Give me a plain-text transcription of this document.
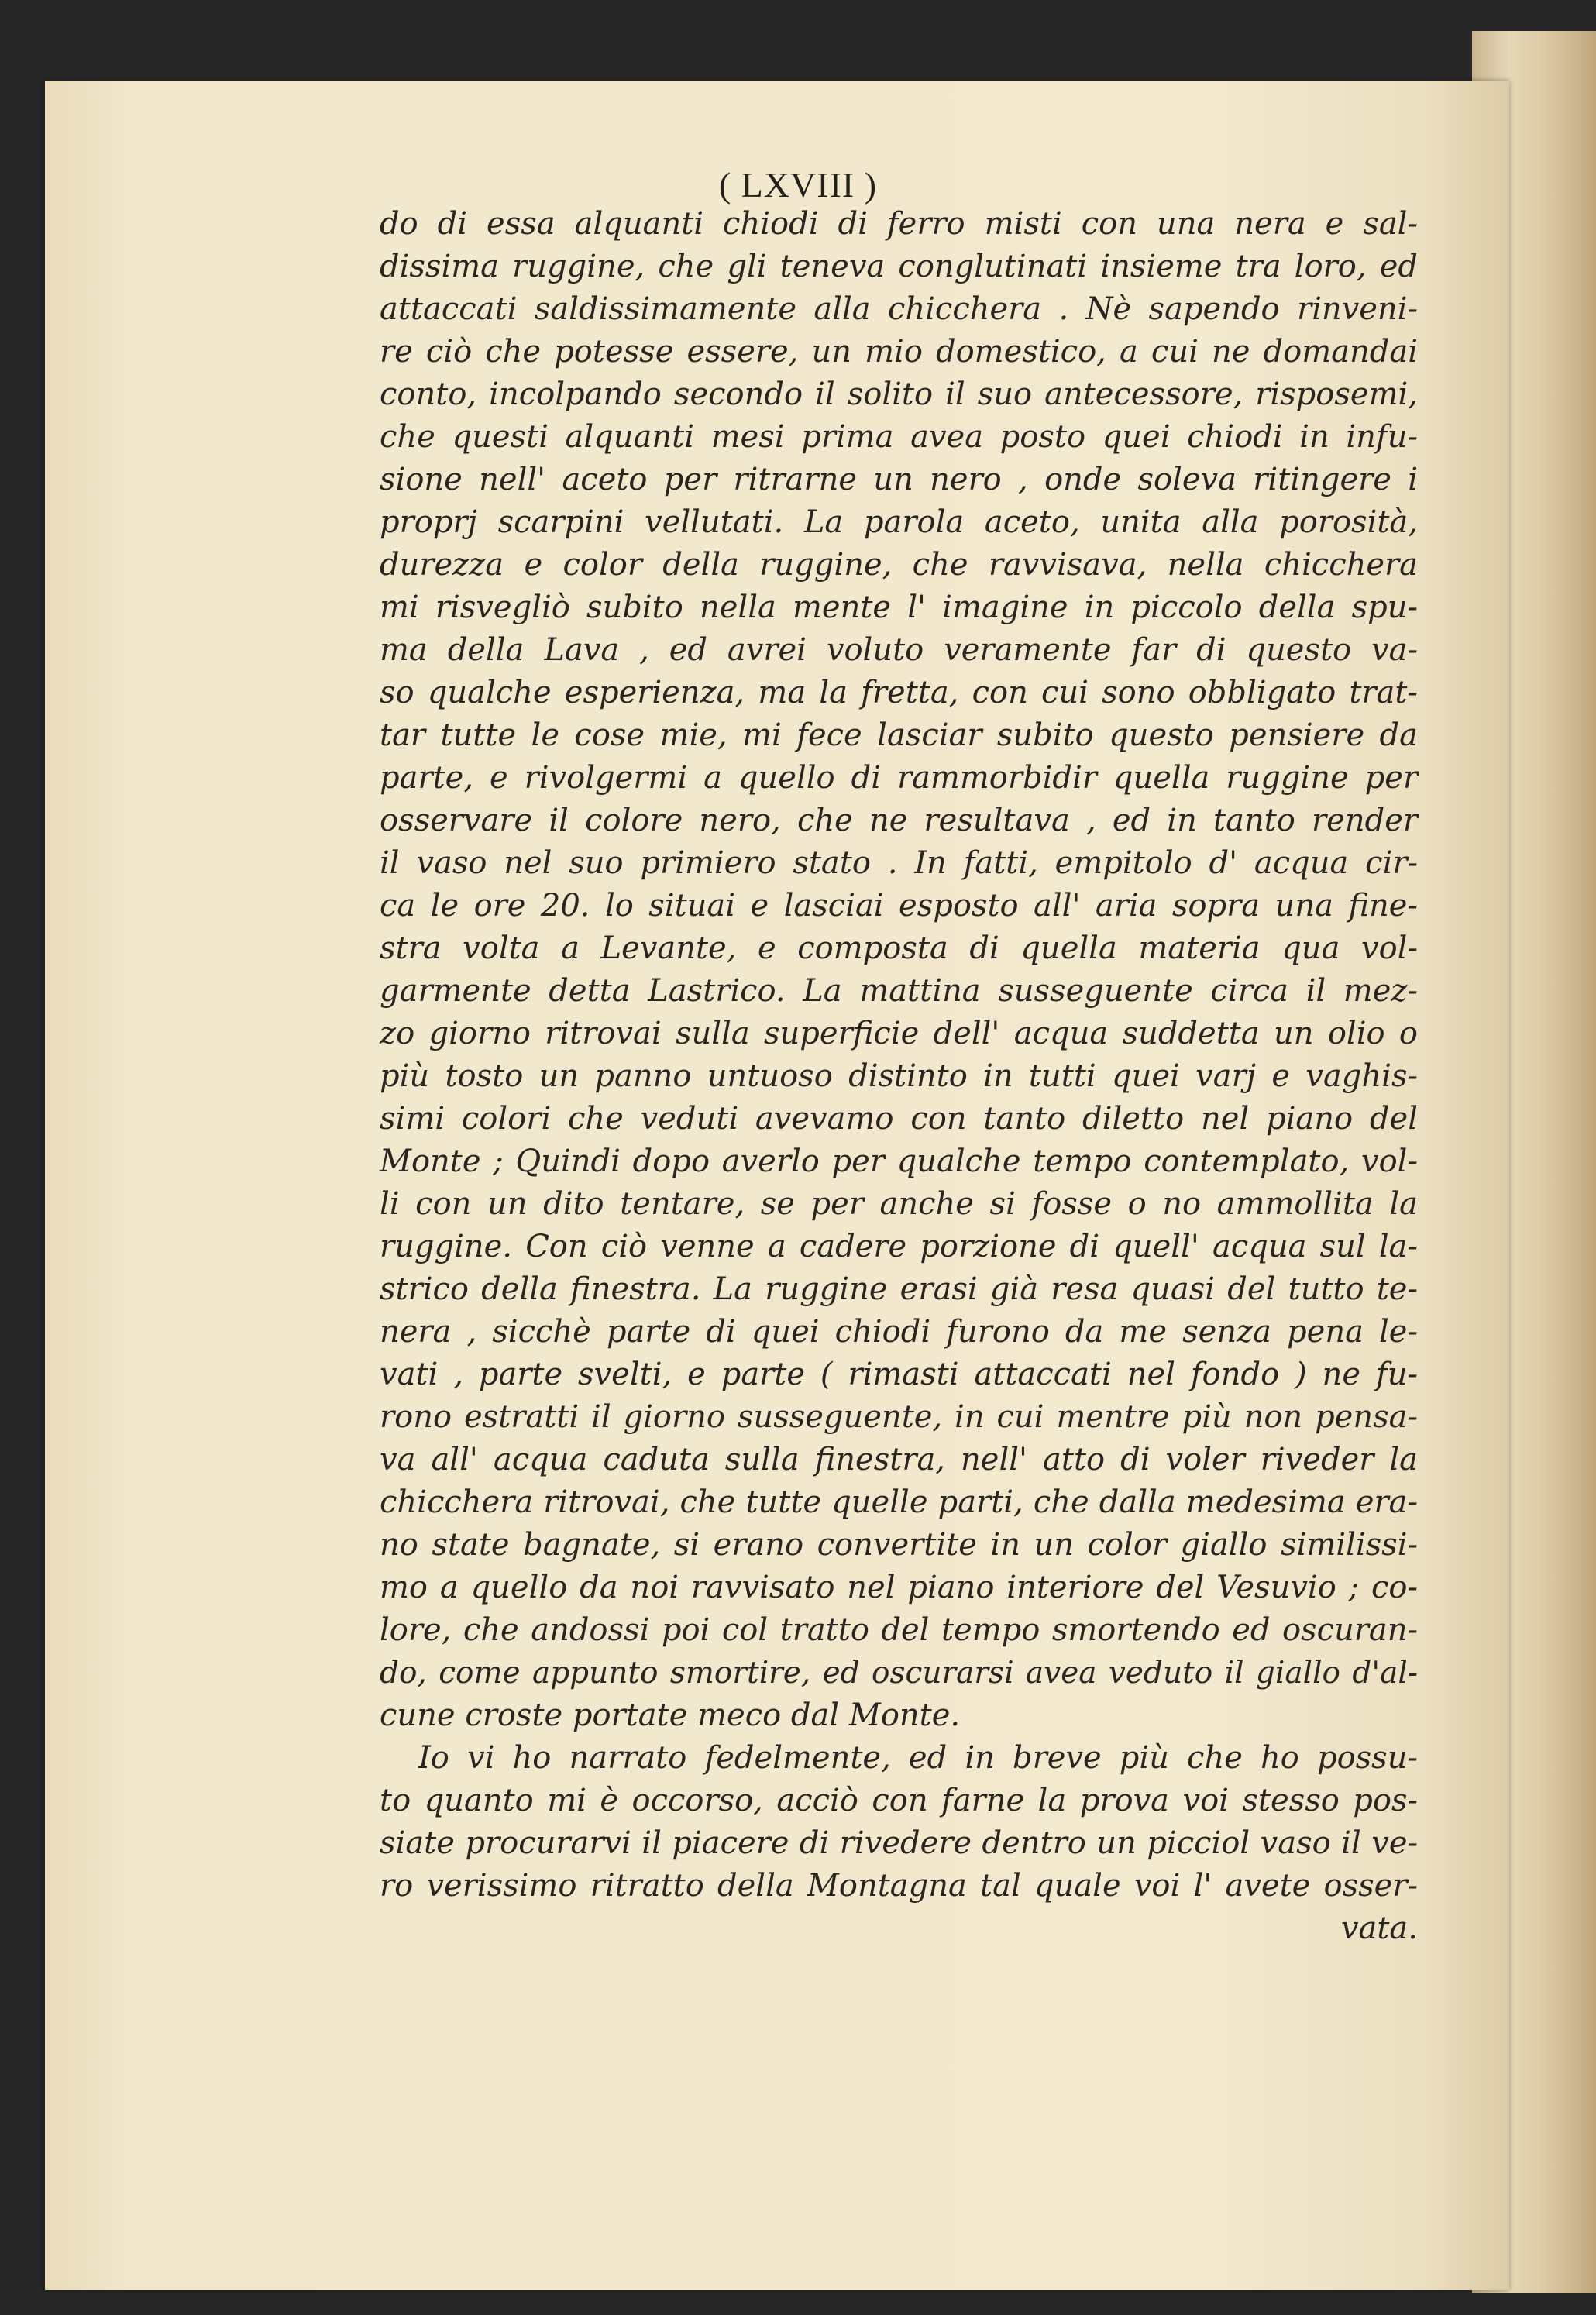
( LXVIII )
do di essa alquanti chiodi di ferro misti con una nera e sal-
dissima ruggine, che gli teneva conglutinati insieme tra loro, ed
attaccati saldissimamente alla chicchera . Nè sapendo rinveni-
re ciò che potesse essere, un mio domestico, a cui ne domandai
conto, incolpando secondo il solito il suo antecessore, risposemi,
che questi alquanti mesi prima avea posto quei chiodi in infu-
sione nell' aceto per ritrarne un nero , onde soleva ritingere i
proprj scarpini vellutati. La parola aceto, unita alla porosità,
durezza e color della ruggine, che ravvisava, nella chicchera
mi risvegliò subito nella mente l' imagine in piccolo della spu-
ma della Lava , ed avrei voluto veramente far di questo va-
so qualche esperienza, ma la fretta, con cui sono obbligato trat-
tar tutte le cose mie, mi fece lasciar subito questo pensiere da
parte, e rivolgermi a quello di rammorbidir quella ruggine per
osservare il colore nero, che ne resultava , ed in tanto render
il vaso nel suo primiero stato . In fatti, empitolo d' acqua cir-
ca le ore 20. lo situai e lasciai esposto all' aria sopra una fine-
stra volta a Levante, e composta di quella materia qua vol-
garmente detta Lastrico. La mattina susseguente circa il mez-
zo giorno ritrovai sulla superficie dell' acqua suddetta un olio o
più tosto un panno untuoso distinto in tutti quei varj e vaghis-
simi colori che veduti avevamo con tanto diletto nel piano del
Monte ; Quindi dopo averlo per qualche tempo contemplato, vol-
li con un dito tentare, se per anche si fosse o no ammollita la
ruggine. Con ciò venne a cadere porzione di quell' acqua sul la-
strico della finestra. La ruggine erasi già resa quasi del tutto te-
nera , sicchè parte di quei chiodi furono da me senza pena le-
vati , parte svelti, e parte ( rimasti attaccati nel fondo ) ne fu-
rono estratti il giorno susseguente, in cui mentre più non pensa-
va all' acqua caduta sulla finestra, nell' atto di voler riveder la
chicchera ritrovai, che tutte quelle parti, che dalla medesima era-
no state bagnate, si erano convertite in un color giallo similissi-
mo a quello da noi ravvisato nel piano interiore del Vesuvio ; co-
lore, che andossi poi col tratto del tempo smortendo ed oscuran-
do, come appunto smortire, ed oscurarsi avea veduto il giallo d'al-
cune croste portate meco dal Monte.
Io vi ho narrato fedelmente, ed in breve più che ho possu-
to quanto mi è occorso, acciò con farne la prova voi stesso pos-
siate procurarvi il piacere di rivedere dentro un picciol vaso il ve-
ro verissimo ritratto della Montagna tal quale voi l' avete osser-
vata.
